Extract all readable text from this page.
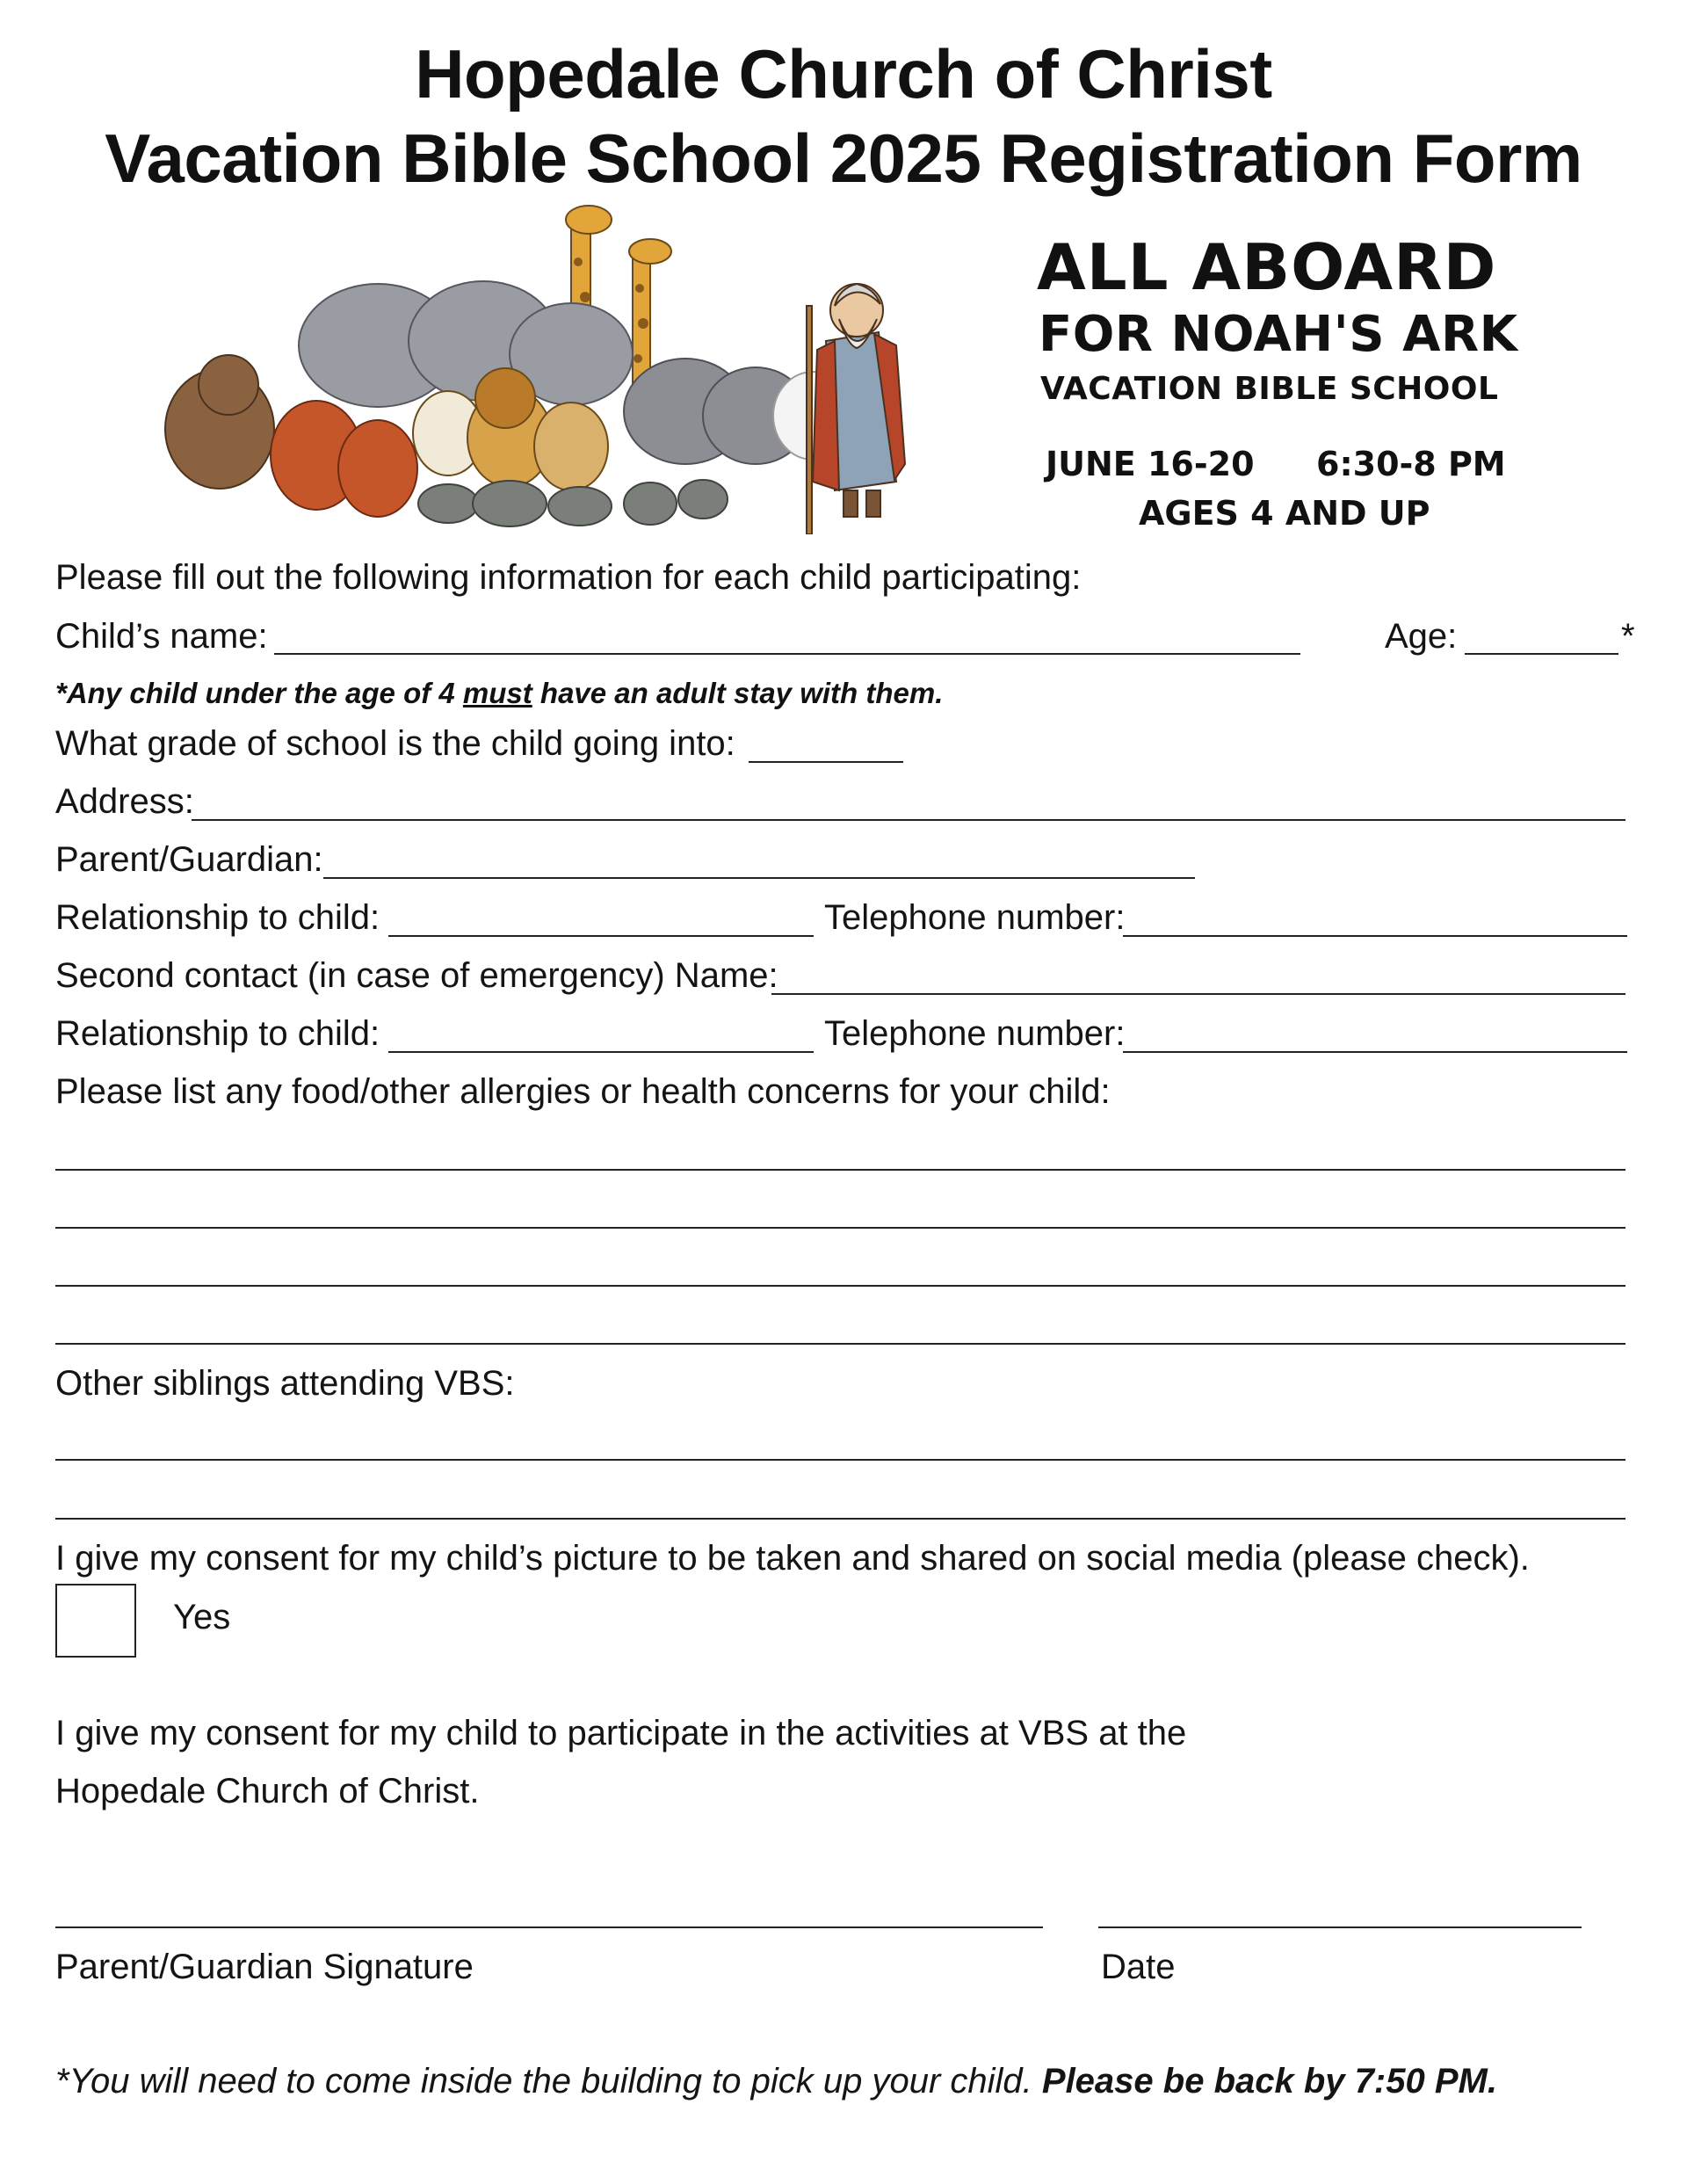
Hopedale Church of Christ
Vacation Bible School 2025 Registration Form
ALL ABOARD
FOR NOAH'S ARK
VACATION BIBLE SCHOOL
JUNE 16-20 6:30-8 PM
AGES 4 AND UP
Please fill out the following information for each child participating:
Child’s name:	Age:	*
*Any child under the age of 4 must have an adult stay with them.
What grade of school is the child going into:
Address:
Parent/Guardian:
Relationship to child:	Telephone number:
Second contact (in case of emergency) Name:
Relationship to child:	Telephone number:
Please list any food/other allergies or health concerns for your child:
Other siblings attending VBS:
I give my consent for my child’s picture to be taken and shared on social media (please check).
Yes
I give my consent for my child to participate in the activities at VBS at the
Hopedale Church of Christ.
Parent/Guardian Signature	Date
*You will need to come inside the building to pick up your child. Please be back by 7:50 PM.
